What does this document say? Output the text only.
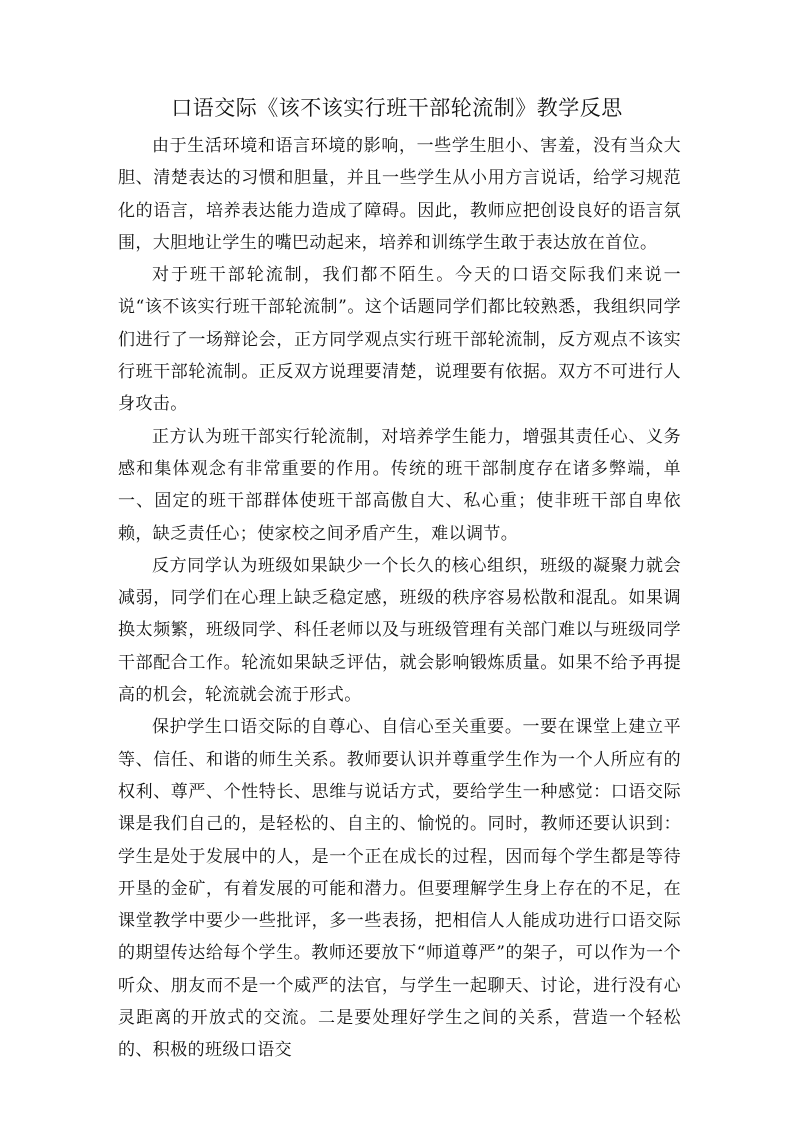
口语交际《该不该实行班干部轮流制》教学反思

由于生活环境和语言环境的影响，一些学生胆小、害羞，没有当众大胆、清楚表达的习惯和胆量，并且一些学生从小用方言说话，给学习规范化的语言，培养表达能力造成了障碍。因此，教师应把创设良好的语言氛围，大胆地让学生的嘴巴动起来，培养和训练学生敢于表达放在首位。

对于班干部轮流制，我们都不陌生。今天的口语交际我们来说一说“该不该实行班干部轮流制”。这个话题同学们都比较熟悉，我组织同学们进行了一场辩论会，正方同学观点实行班干部轮流制，反方观点不该实行班干部轮流制。正反双方说理要清楚，说理要有依据。双方不可进行人身攻击。

正方认为班干部实行轮流制，对培养学生能力，增强其责任心、义务感和集体观念有非常重要的作用。传统的班干部制度存在诸多弊端，单一、固定的班干部群体使班干部高傲自大、私心重；使非班干部自卑依赖，缺乏责任心；使家校之间矛盾产生，难以调节。

反方同学认为班级如果缺少一个长久的核心组织，班级的凝聚力就会减弱，同学们在心理上缺乏稳定感，班级的秩序容易松散和混乱。如果调换太频繁，班级同学、科任老师以及与班级管理有关部门难以与班级同学干部配合工作。轮流如果缺乏评估，就会影响锻炼质量。如果不给予再提高的机会，轮流就会流于形式。

保护学生口语交际的自尊心、自信心至关重要。一要在课堂上建立平等、信任、和谐的师生关系。教师要认识并尊重学生作为一个人所应有的权利、尊严、个性特长、思维与说话方式，要给学生一种感觉：口语交际课是我们自己的，是轻松的、自主的、愉悦的。同时，教师还要认识到：学生是处于发展中的人，是一个正在成长的过程，因而每个学生都是等待开垦的金矿，有着发展的可能和潜力。但要理解学生身上存在的不足，在课堂教学中要少一些批评，多一些表扬，把相信人人能成功进行口语交际的期望传达给每个学生。教师还要放下“师道尊严”的架子，可以作为一个听众、朋友而不是一个威严的法官，与学生一起聊天、讨论，进行没有心灵距离的开放式的交流。二是要处理好学生之间的关系，营造一个轻松的、积极的班级口语交
